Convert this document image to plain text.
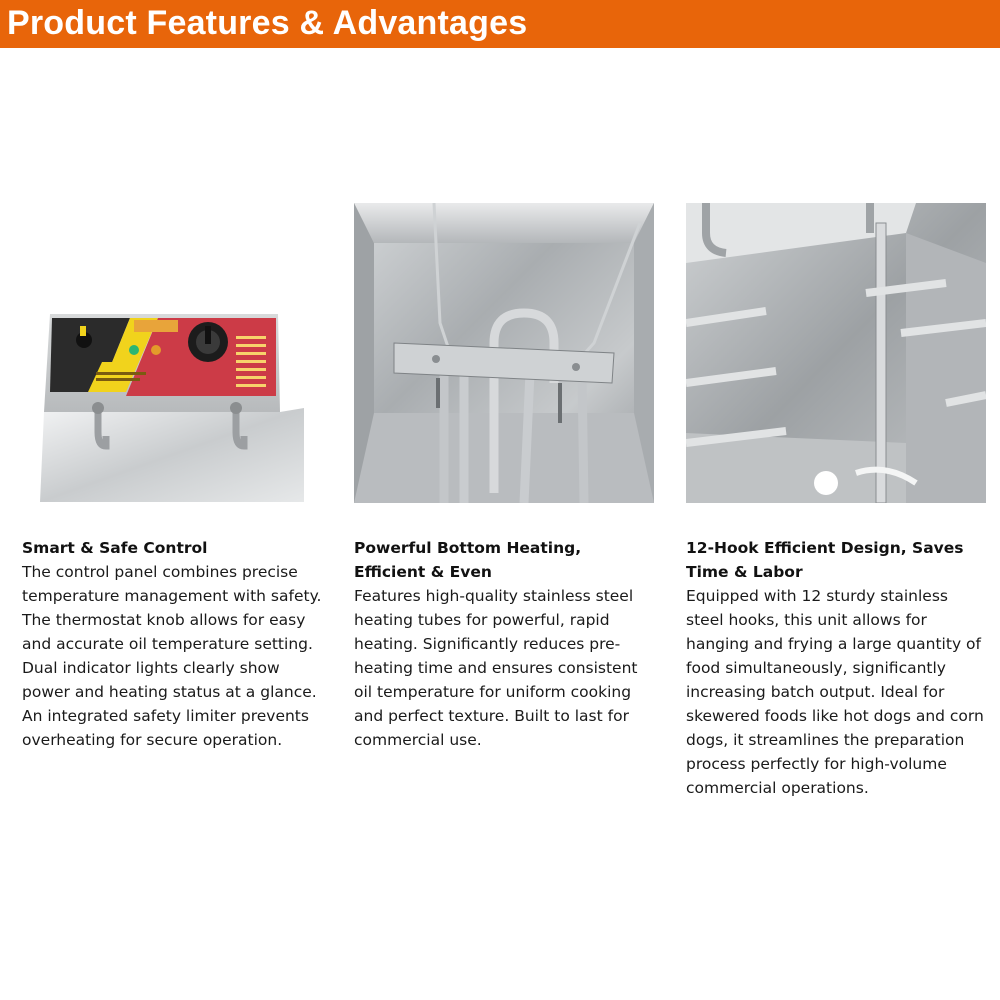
Product Features & Advantages
Smart & Safe Control

The control panel combines precise temperature management with safety. The thermostat knob allows for easy and accurate oil temperature setting. Dual indicator lights clearly show power and heating status at a glance. An integrated safety limiter prevents overheating for secure operation.

Powerful Bottom Heating, Efficient & Even

Features high-quality stainless steel heating tubes for powerful, rapid heating. Significantly reduces pre-heating time and ensures consistent oil temperature for uniform cooking and perfect texture. Built to last for commercial use.

12-Hook Efficient Design, Saves Time & Labor

Equipped with 12 sturdy stainless steel hooks, this unit allows for hanging and frying a large quantity of food simultaneously, significantly increasing batch output. Ideal for skewered foods like hot dogs and corn dogs, it streamlines the preparation process perfectly for high-volume commercial operations.
